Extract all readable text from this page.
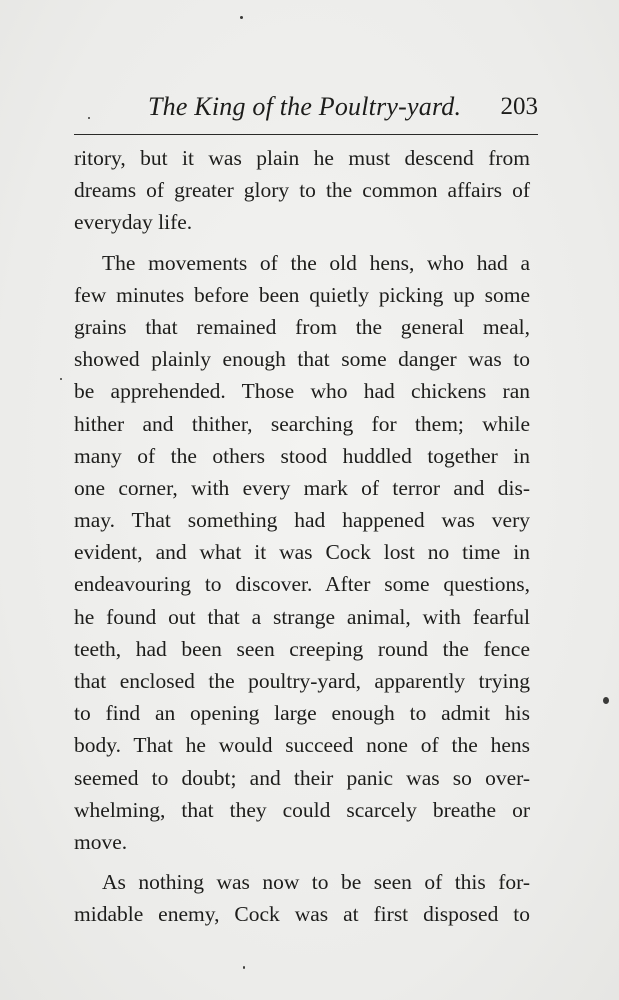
The King of the Poultry-yard. 203
ritory, but it was plain he must descend from
dreams of greater glory to the common affairs of
everyday life.
The movements of the old hens, who had a
few minutes before been quietly picking up some
grains that remained from the general meal,
showed plainly enough that some danger was to
be apprehended. Those who had chickens ran
hither and thither, searching for them; while
many of the others stood huddled together in
one corner, with every mark of terror and dis-
may. That something had happened was very
evident, and what it was Cock lost no time in
endeavouring to discover. After some questions,
he found out that a strange animal, with fearful
teeth, had been seen creeping round the fence
that enclosed the poultry-yard, apparently trying
to find an opening large enough to admit his
body. That he would succeed none of the hens
seemed to doubt; and their panic was so over-
whelming, that they could scarcely breathe or
move.
As nothing was now to be seen of this for-
midable enemy, Cock was at first disposed to
